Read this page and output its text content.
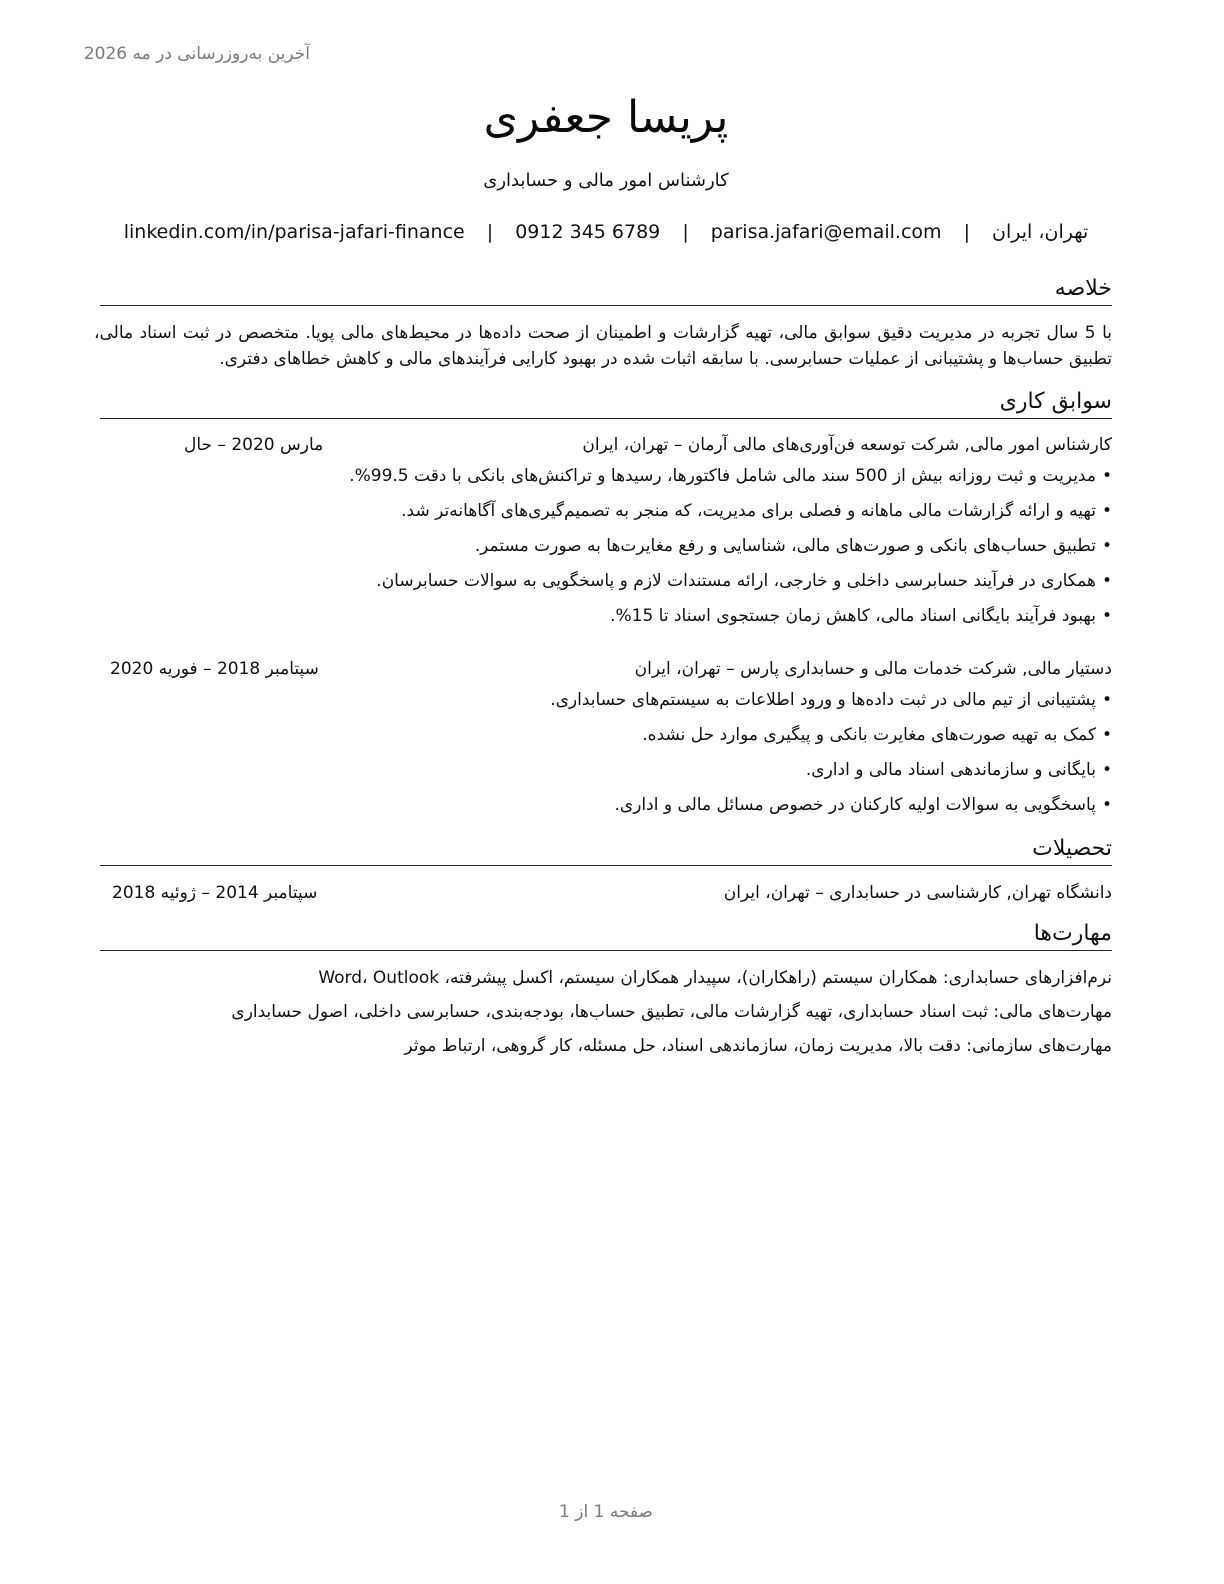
آخرین به‌روزرسانی در مه 2026
پریسا جعفری
کارشناس امور مالی و حسابداری
تهران، ایران | parisa.jafari@email.com | 0912 345 6789 | linkedin.com/in/parisa-jafari-finance
خلاصه
با 5 سال تجربه در مدیریت دقیق سوابق مالی، تهیه گزارشات و اطمینان از صحت داده‌ها در محیط‌های مالی پویا. متخصص در ثبت اسناد مالی، تطبیق حساب‌ها و پشتیبانی از عملیات حسابرسی. با سابقه اثبات شده در بهبود کارایی فرآیندهای مالی و کاهش خطاهای دفتری.
سوابق کاری
کارشناس امور مالی, شرکت توسعه فن‌آوری‌های مالی آرمان – تهران، ایران
مارس 2020 – حال
•مدیریت و ثبت روزانه بیش از 500 سند مالی شامل فاکتورها، رسیدها و تراکنش‌های بانکی با دقت 99.5%.
•تهیه و ارائه گزارشات مالی ماهانه و فصلی برای مدیریت، که منجر به تصمیم‌گیری‌های آگاهانه‌تر شد.
•تطبیق حساب‌های بانکی و صورت‌های مالی، شناسایی و رفع مغایرت‌ها به صورت مستمر.
•همکاری در فرآیند حسابرسی داخلی و خارجی، ارائه مستندات لازم و پاسخگویی به سوالات حسابرسان.
•بهبود فرآیند بایگانی اسناد مالی، کاهش زمان جستجوی اسناد تا 15%.
دستیار مالی, شرکت خدمات مالی و حسابداری پارس – تهران، ایران
سپتامبر 2018 – فوریه 2020
•پشتیبانی از تیم مالی در ثبت داده‌ها و ورود اطلاعات به سیستم‌های حسابداری.
•کمک به تهیه صورت‌های مغایرت بانکی و پیگیری موارد حل نشده.
•بایگانی و سازماندهی اسناد مالی و اداری.
•پاسخگویی به سوالات اولیه کارکنان در خصوص مسائل مالی و اداری.
تحصیلات
دانشگاه تهران, کارشناسی در حسابداری – تهران، ایران
سپتامبر 2014 – ژوئیه 2018
مهارت‌ها
نرم‌افزارهای حسابداری: همکاران سیستم (راهکاران)، سپیدار همکاران سیستم، اکسل پیشرفته، Word، Outlook
مهارت‌های مالی: ثبت اسناد حسابداری، تهیه گزارشات مالی، تطبیق حساب‌ها، بودجه‌بندی، حسابرسی داخلی، اصول حسابداری
مهارت‌های سازمانی: دقت بالا، مدیریت زمان، سازماندهی اسناد، حل مسئله، کار گروهی، ارتباط موثر
صفحه 1 از 1
